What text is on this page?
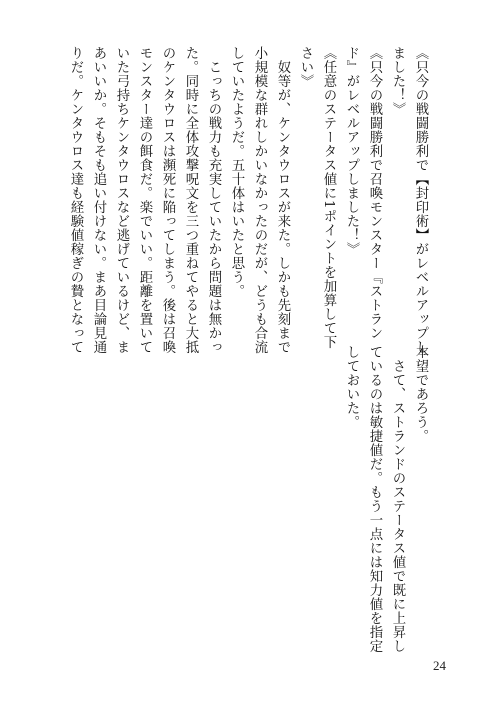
《只今の戦闘勝利で【封印術】がレベルアップし
ました！》
《只今の戦闘勝利で召喚モンスター『ストラン
ド』がレベルアップしました！》
《任意のステータス値に1ポイントを加算して下
さい》
　奴等が、ケンタウロスが来た。しかも先刻まで
小規模な群れしかいなかったのだが、どうも合流
していたようだ。五十体はいたと思う。
　こっちの戦力も充実していたから問題は無かっ
た。同時に全体攻撃呪文を三つ重ねてやると大抵
のケンタウロスは瀕死に陥ってしまう。後は召喚
モンスター達の餌食だ。楽でいい。距離を置いて
いた弓持ちケンタウロスなど逃げているけど、ま
あいいか。そもそも追い付けない。まあ目論見通
りだ。ケンタウロス達も経験値稼ぎの贄となって
本望であろう。
　さて、ストランドのステータス値で既に上昇し
ているのは敏捷値だ。もう一点には知力値を指定
しておいた。
24
